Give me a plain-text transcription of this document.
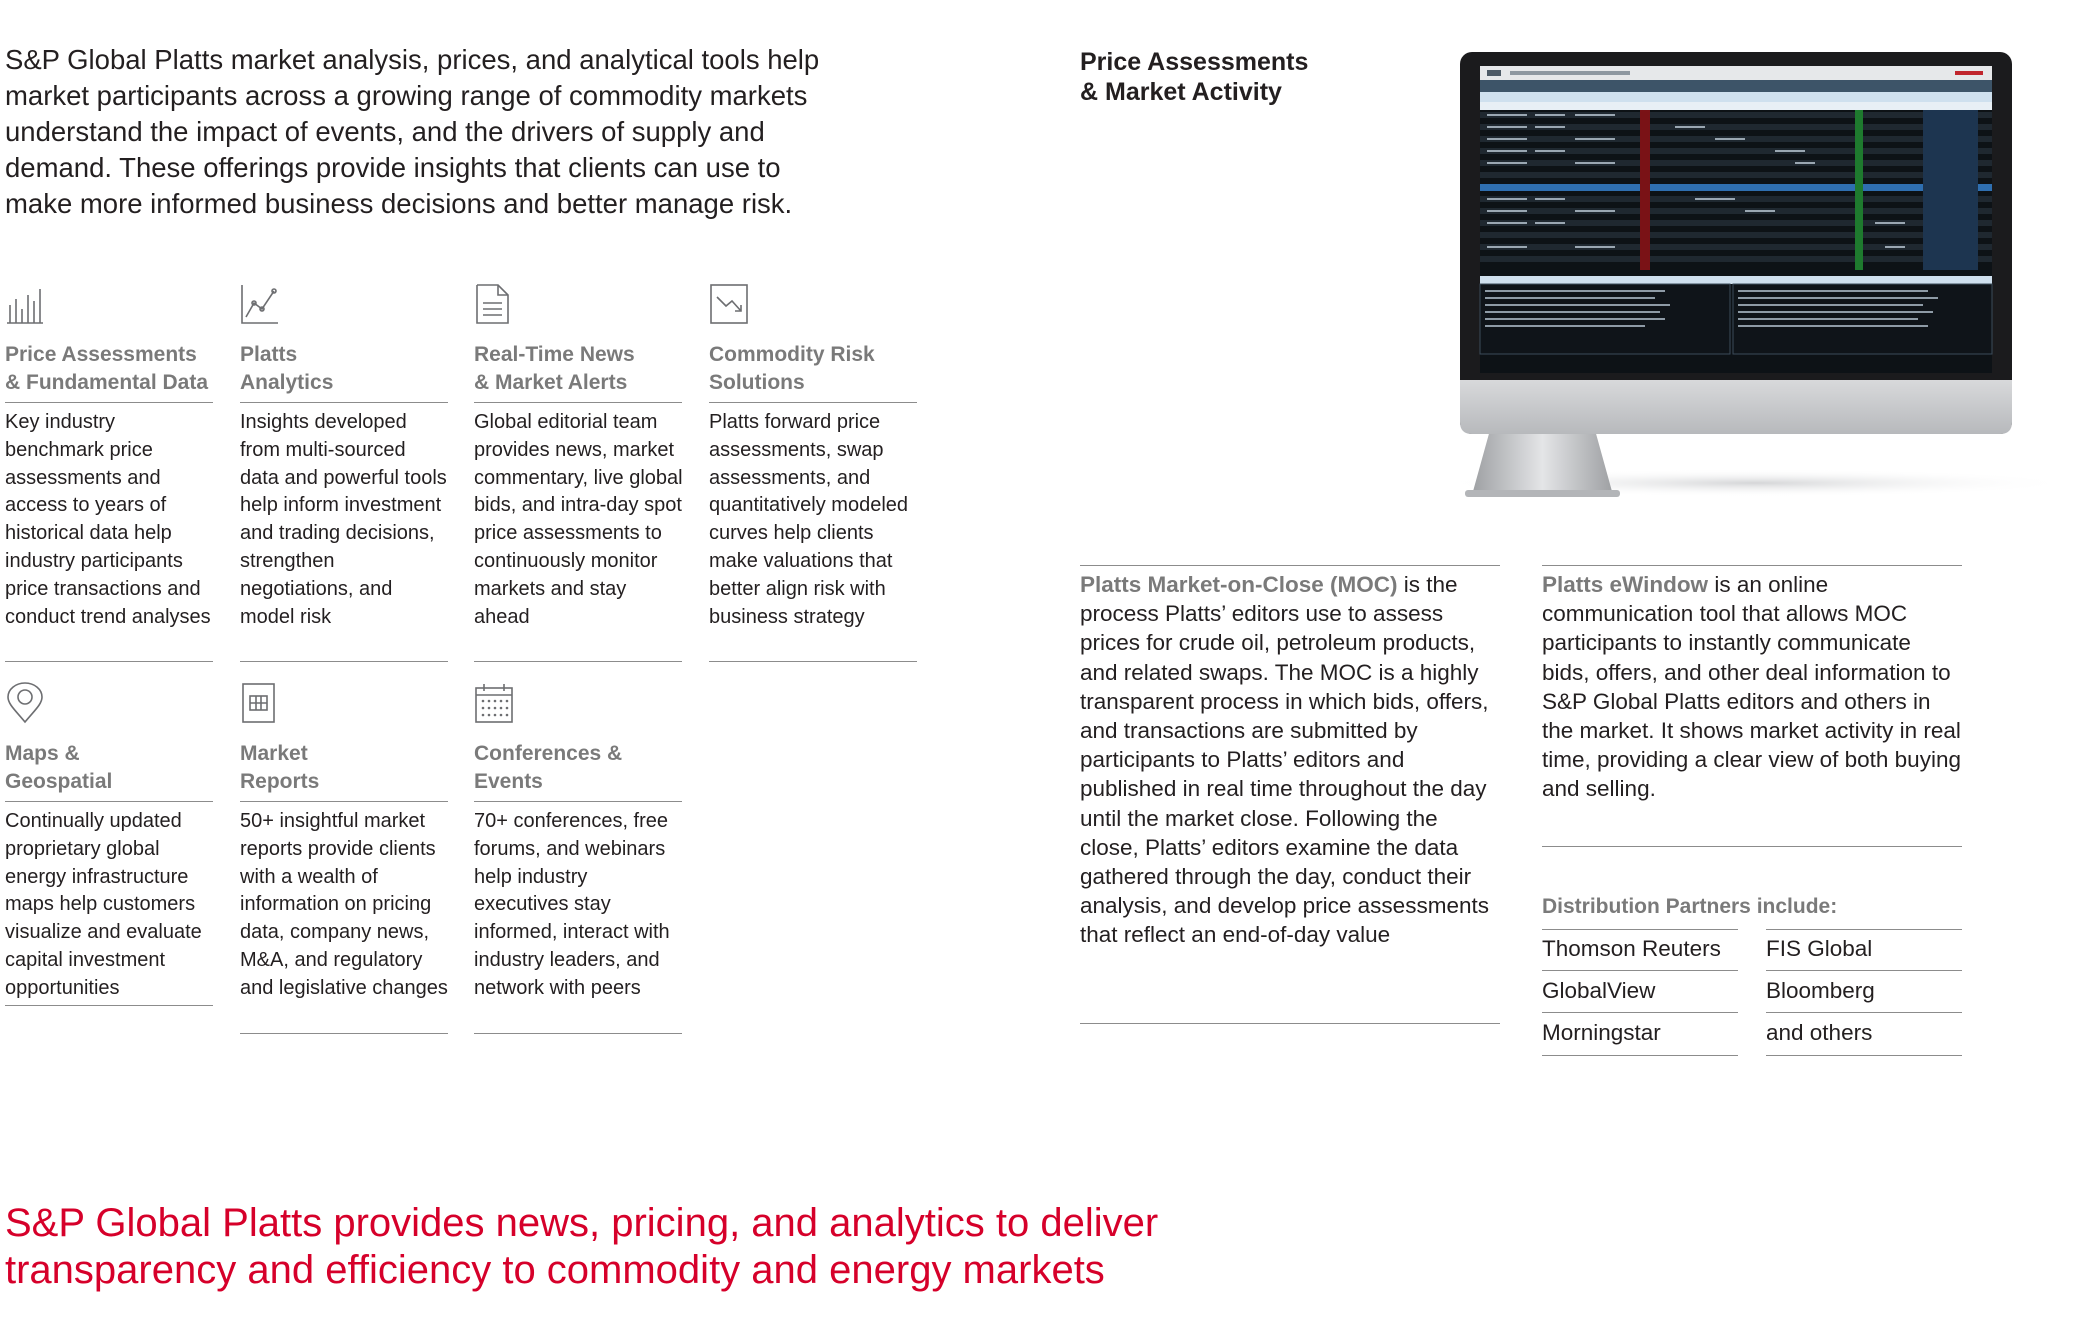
S&P Global Platts market analysis, prices, and analytical tools help market participants across a growing range of commodity markets understand the impact of events, and the drivers of supply and demand. These offerings provide insights that clients can use to make more informed business decisions and better manage risk.

Price Assessments
& Fundamental Data

Key industry benchmark price assessments and access to years of historical data help industry participants price transactions and conduct trend analyses

Platts
Analytics

Insights developed from multi-sourced data and powerful tools help inform investment and trading decisions, strengthen negotiations, and model risk

Real-Time News
& Market Alerts

Global editorial team provides news, market commentary, live global bids, and intra-day spot price assessments to continuously monitor markets and stay ahead

Commodity Risk
Solutions

Platts forward price assessments, swap assessments, and quantitatively modeled curves help clients make valuations that better align risk with business strategy

Maps &
Geospatial

Continually updated proprietary global energy infrastructure maps help customers visualize and evaluate capital investment opportunities

Market
Reports

50+ insightful market reports provide clients with a wealth of information on pricing data, company news, M&A, and regulatory and legislative changes

Conferences &
Events

70+ conferences, free forums, and webinars help industry executives stay informed, interact with industry leaders, and network with peers

Price Assessments
& Market Activity

Platts Market-on-Close (MOC) is the process Platts’ editors use to assess prices for crude oil, petroleum products, and related swaps. The MOC is a highly transparent process in which bids, offers, and transactions are submitted by participants to Platts’ editors and published in real time throughout the day until the market close. Following the close, Platts’ editors examine the data gathered through the day, conduct their analysis, and develop price assessments that reflect an end-of-day value

Platts eWindow is an online communication tool that allows MOC participants to instantly communicate bids, offers, and other deal information to S&P Global Platts editors and others in the market. It shows market activity in real time, providing a clear view of both buying and selling.

Distribution Partners include:

Thomson Reuters FIS Global

GlobalView	Bloomberg

Morningstar	and others

S&P Global Platts provides news, pricing, and analytics to deliver
transparency and efficiency to commodity and energy markets
